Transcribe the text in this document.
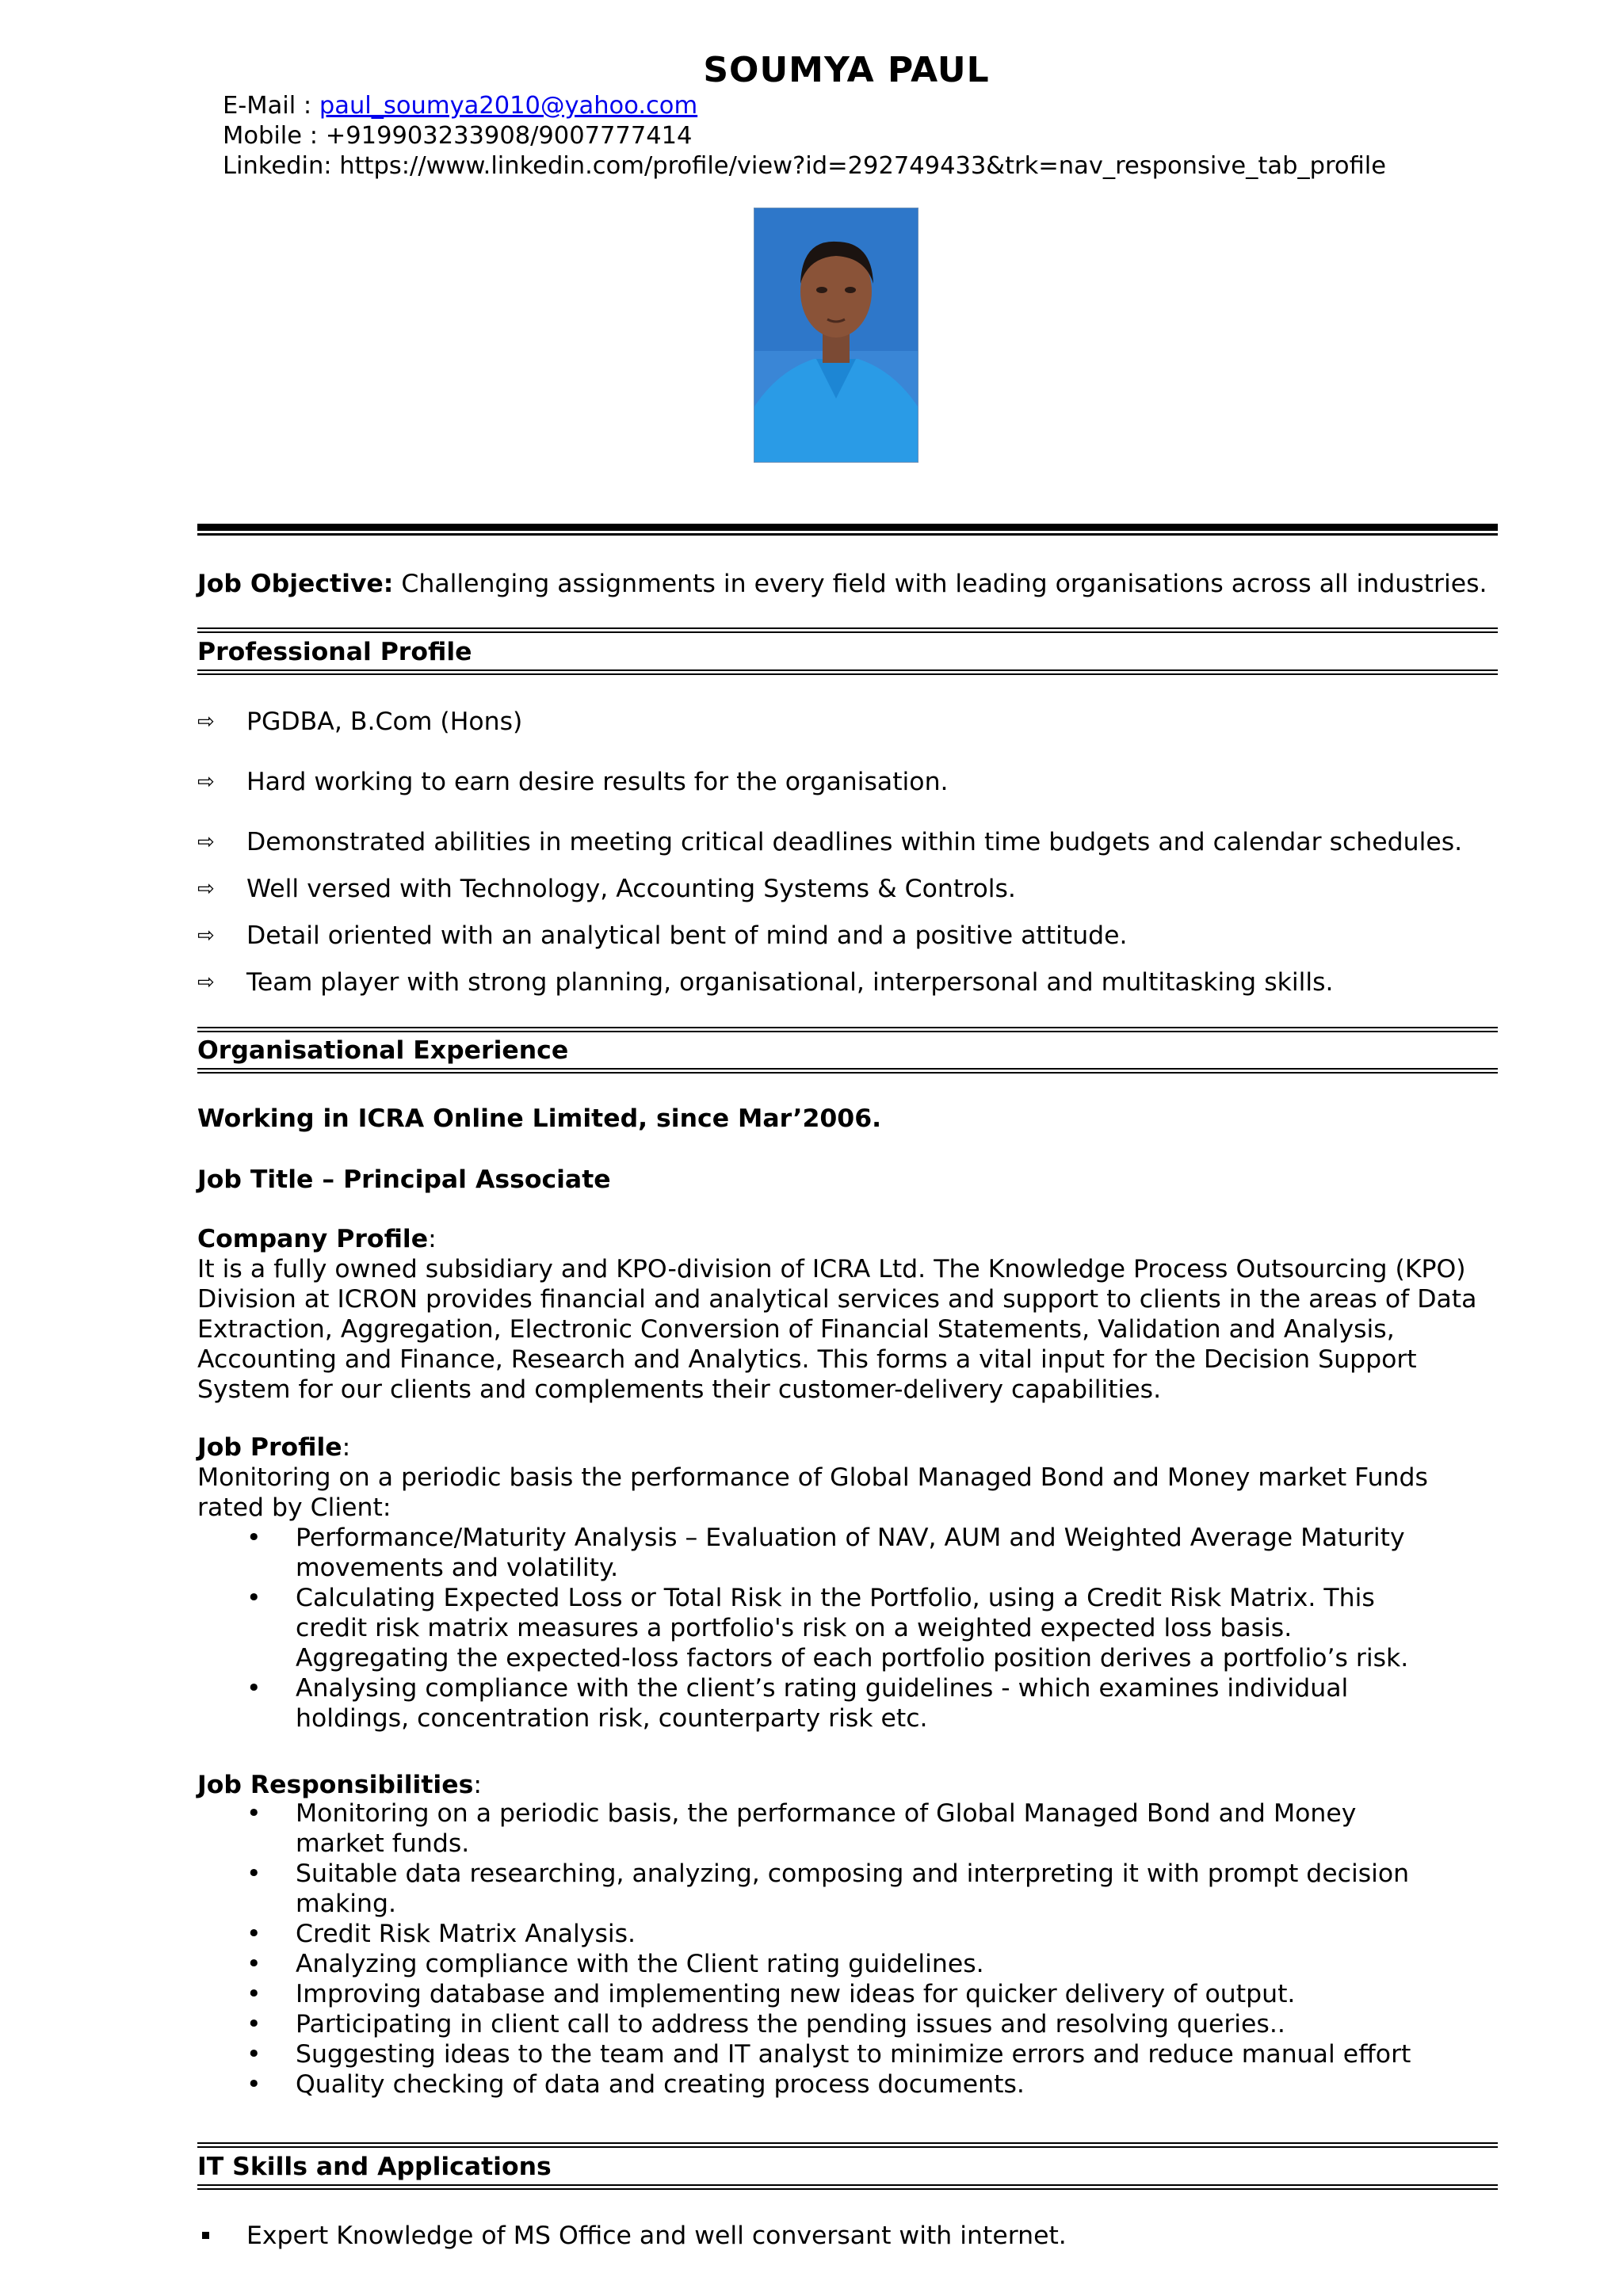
SOUMYA PAUL
E-Mail : paul_soumya2010@yahoo.com
Mobile : +919903233908/9007777414
Linkedin: https://www.linkedin.com/profile/view?id=292749433&trk=nav_responsive_tab_profile
Job Objective: Challenging assignments in every field with leading organisations across all industries.
Professional Profile
⇨ PGDBA, B.Com (Hons)
⇨ Hard working to earn desire results for the organisation.
⇨ Demonstrated abilities in meeting critical deadlines within time budgets and calendar schedules.
⇨ Well versed with Technology, Accounting Systems & Controls.
⇨ Detail oriented with an analytical bent of mind and a positive attitude.
⇨ Team player with strong planning, organisational, interpersonal and multitasking skills.
Organisational Experience
Working in ICRA Online Limited, since Mar’2006.
Job Title – Principal Associate
Company Profile:
It is a fully owned subsidiary and KPO-division of ICRA Ltd. The Knowledge Process Outsourcing (KPO) Division at ICRON provides financial and analytical services and support to clients in the areas of Data Extraction, Aggregation, Electronic Conversion of Financial Statements, Validation and Analysis, Accounting and Finance, Research and Analytics. This forms a vital input for the Decision Support System for our clients and complements their customer-delivery capabilities.
Job Profile:
Monitoring on a periodic basis the performance of Global Managed Bond and Money market Funds rated by Client:
• Performance/Maturity Analysis – Evaluation of NAV, AUM and Weighted Average Maturity movements and volatility.
• Calculating Expected Loss or Total Risk in the Portfolio, using a Credit Risk Matrix. This credit risk matrix measures a portfolio's risk on a weighted expected loss basis. Aggregating the expected-loss factors of each portfolio position derives a portfolio’s risk.
• Analysing compliance with the client’s rating guidelines - which examines individual holdings, concentration risk, counterparty risk etc.
Job Responsibilities:
• Monitoring on a periodic basis, the performance of Global Managed Bond and Money market funds.
• Suitable data researching, analyzing, composing and interpreting it with prompt decision making.
• Credit Risk Matrix Analysis.
• Analyzing compliance with the Client rating guidelines.
• Improving database and implementing new ideas for quicker delivery of output.
• Participating in client call to address the pending issues and resolving queries..
• Suggesting ideas to the team and IT analyst to minimize errors and reduce manual effort
• Quality checking of data and creating process documents.
IT Skills and Applications
Expert Knowledge of MS Office and well conversant with internet.
